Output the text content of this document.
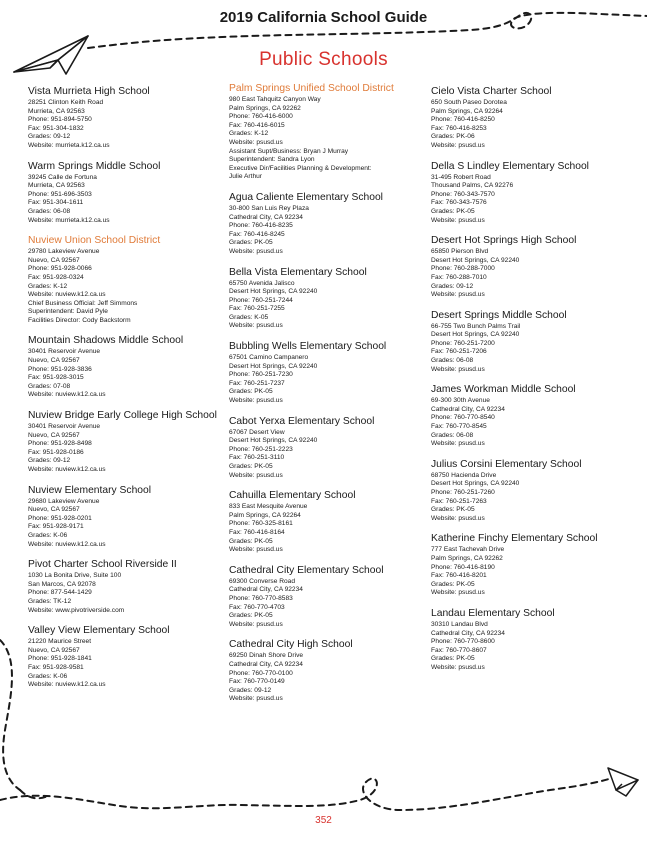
2019 California School Guide
Public Schools
Vista Murrieta High School
28251 Clinton Keith Road
Murrieta, CA 92563
Phone: 951-894-5750
Fax: 951-304-1832
Grades: 09-12
Website: murrieta.k12.ca.us
Warm Springs Middle School
39245 Calle de Fortuna
Murrieta, CA 92563
Phone: 951-696-3503
Fax: 951-304-1611
Grades: 06-08
Website: murrieta.k12.ca.us
Nuview Union School District
29780 Lakeview Avenue
Nuevo, CA 92567
Phone: 951-928-0066
Fax: 951-928-0324
Grades: K-12
Website: nuview.k12.ca.us
Chief Business Official: Jeff Simmons
Superintendent: David Pyle
Facilities Director: Cody Backstorm
Mountain Shadows Middle School
30401 Reservoir Avenue
Nuevo, CA 92567
Phone: 951-928-3836
Fax: 951-928-3015
Grades: 07-08
Website: nuview.k12.ca.us
Nuview Bridge Early College High School
30401 Reservoir Avenue
Nuevo, CA 92567
Phone: 951-928-8498
Fax: 951-928-0186
Grades: 09-12
Website: nuview.k12.ca.us
Nuview Elementary School
29680 Lakeview Avenue
Nuevo, CA 92567
Phone: 951-928-0201
Fax: 951-928-9171
Grades: K-06
Website: nuview.k12.ca.us
Pivot Charter School Riverside II
1030 La Bonita Drive, Suite 100
San Marcos, CA 92078
Phone: 877-544-1429
Grades: TK-12
Website: www.pivotriverside.com
Valley View Elementary School
21220 Maurice Street
Nuevo, CA 92567
Phone: 951-928-1841
Fax: 951-928-9581
Grades: K-06
Website: nuview.k12.ca.us
Palm Springs Unified School District
980 East Tahquitz Canyon Way
Palm Springs, CA 92262
Phone: 760-416-6000
Fax: 760-416-6015
Grades: K-12
Website: psusd.us
Assistant Supt/Business: Bryan J Murray
Superintendent: Sandra Lyon
Executive Dir/Facilities Planning & Development:
Julie Arthur
Agua Caliente Elementary School
30-800 San Luis Rey Plaza
Cathedral City, CA 92234
Phone: 760-416-8235
Fax: 760-416-8245
Grades: PK-05
Website: psusd.us
Bella Vista Elementary School
65750 Avenida Jalisco
Desert Hot Springs, CA 92240
Phone: 760-251-7244
Fax: 760-251-7255
Grades: K-05
Website: psusd.us
Bubbling Wells Elementary School
67501 Camino Campanero
Desert Hot Springs, CA 92240
Phone: 760-251-7230
Fax: 760-251-7237
Grades: PK-05
Website: psusd.us
Cabot Yerxa Elementary School
67067 Desert View
Desert Hot Springs, CA 92240
Phone: 760-251-2223
Fax: 760-251-3110
Grades: PK-05
Website: psusd.us
Cahuilla Elementary School
833 East Mesquite Avenue
Palm Springs, CA 92264
Phone: 760-325-8161
Fax: 760-416-8164
Grades: PK-05
Website: psusd.us
Cathedral City Elementary School
69300 Converse Road
Cathedral City, CA 92234
Phone: 760-770-8583
Fax: 760-770-4703
Grades: PK-05
Website: psusd.us
Cathedral City High School
69250 Dinah Shore Drive
Cathedral City, CA 92234
Phone: 760-770-0100
Fax: 760-770-0149
Grades: 09-12
Website: psusd.us
Cielo Vista Charter School
650 South Paseo Dorotea
Palm Springs, CA 92264
Phone: 760-416-8250
Fax: 760-416-8253
Grades: PK-06
Website: psusd.us
Della S Lindley Elementary School
31-495 Robert Road
Thousand Palms, CA 92276
Phone: 760-343-7570
Fax: 760-343-7576
Grades: PK-05
Website: psusd.us
Desert Hot Springs High School
65850 Pierson Blvd
Desert Hot Springs, CA 92240
Phone: 760-288-7000
Fax: 760-288-7010
Grades: 09-12
Website: psusd.us
Desert Springs Middle School
66-755 Two Bunch Palms Trail
Desert Hot Springs, CA 92240
Phone: 760-251-7200
Fax: 760-251-7206
Grades: 06-08
Website: psusd.us
James Workman Middle School
69-300 30th Avenue
Cathedral City, CA 92234
Phone: 760-770-8540
Fax: 760-770-8545
Grades: 06-08
Website: psusd.us
Julius Corsini Elementary School
68750 Hacienda Drive
Desert Hot Springs, CA 92240
Phone: 760-251-7260
Fax: 760-251-7263
Grades: PK-05
Website: psusd.us
Katherine Finchy Elementary School
777 East Tachevah Drive
Palm Springs, CA 92262
Phone: 760-416-8190
Fax: 760-416-8201
Grades: PK-05
Website: psusd.us
Landau Elementary School
30310 Landau Blvd
Cathedral City, CA 92234
Phone: 760-770-8600
Fax: 760-770-8607
Grades: PK-05
Website: psusd.us
352
